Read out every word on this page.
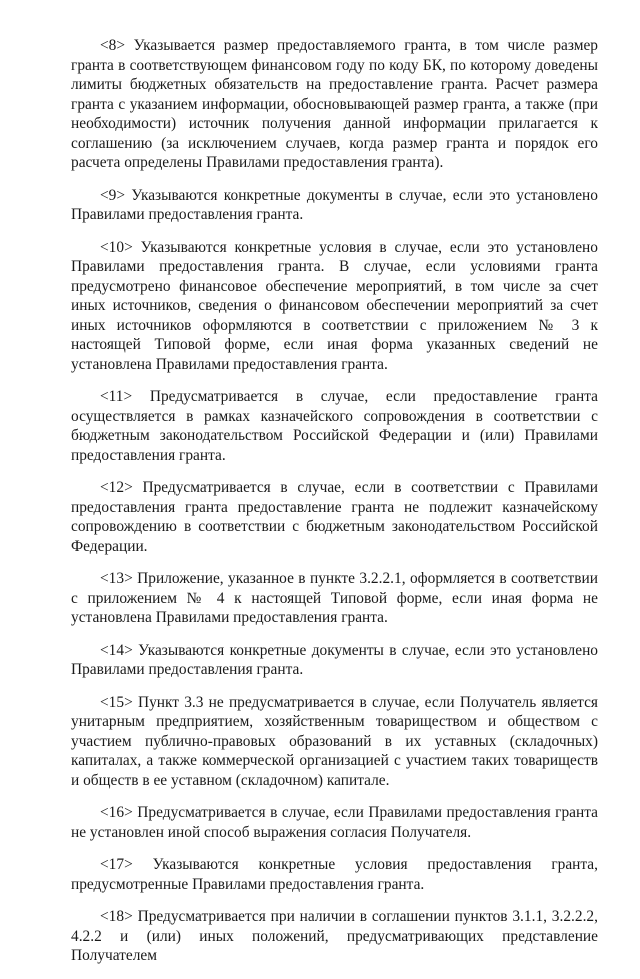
<8> Указывается размер предоставляемого гранта, в том числе размер гранта в соответствующем финансовом году по коду БК, по которому доведены лимиты бюджетных обязательств на предоставление гранта. Расчет размера гранта с указанием информации, обосновывающей размер гранта, а также (при необходимости) источник получения данной информации прилагается к соглашению (за исключением случаев, когда размер гранта и порядок его расчета определены Правилами предоставления гранта).

<9> Указываются конкретные документы в случае, если это установлено Правилами предоставления гранта.

<10> Указываются конкретные условия в случае, если это установлено Правилами предоставления гранта. В случае, если условиями гранта предусмотрено финансовое обеспечение мероприятий, в том числе за счет иных источников, сведения о финансовом обеспечении мероприятий за счет иных источников оформляются в соответствии с приложением № 3 к настоящей Типовой форме, если иная форма указанных сведений не установлена Правилами предоставления гранта.

<11> Предусматривается в случае, если предоставление гранта осуществляется в рамках казначейского сопровождения в соответствии с бюджетным законодательством Российской Федерации и (или) Правилами предоставления гранта.

<12> Предусматривается в случае, если в соответствии с Правилами предоставления гранта предоставление гранта не подлежит казначейскому сопровождению в соответствии с бюджетным законодательством Российской Федерации.

<13> Приложение, указанное в пункте 3.2.2.1, оформляется в соответствии с приложением № 4 к настоящей Типовой форме, если иная форма не установлена Правилами предоставления гранта.

<14> Указываются конкретные документы в случае, если это установлено Правилами предоставления гранта.

<15> Пункт 3.3 не предусматривается в случае, если Получатель является унитарным предприятием, хозяйственным товариществом и обществом с участием публично-правовых образований в их уставных (складочных) капиталах, а также коммерческой организацией с участием таких товариществ и обществ в ее уставном (складочном) капитале.

<16> Предусматривается в случае, если Правилами предоставления гранта не установлен иной способ выражения согласия Получателя.

<17> Указываются конкретные условия предоставления гранта, предусмотренные Правилами предоставления гранта.

<18> Предусматривается при наличии в соглашении пунктов 3.1.1, 3.2.2.2, 4.2.2 и (или) иных положений, предусматривающих представление Получателем
